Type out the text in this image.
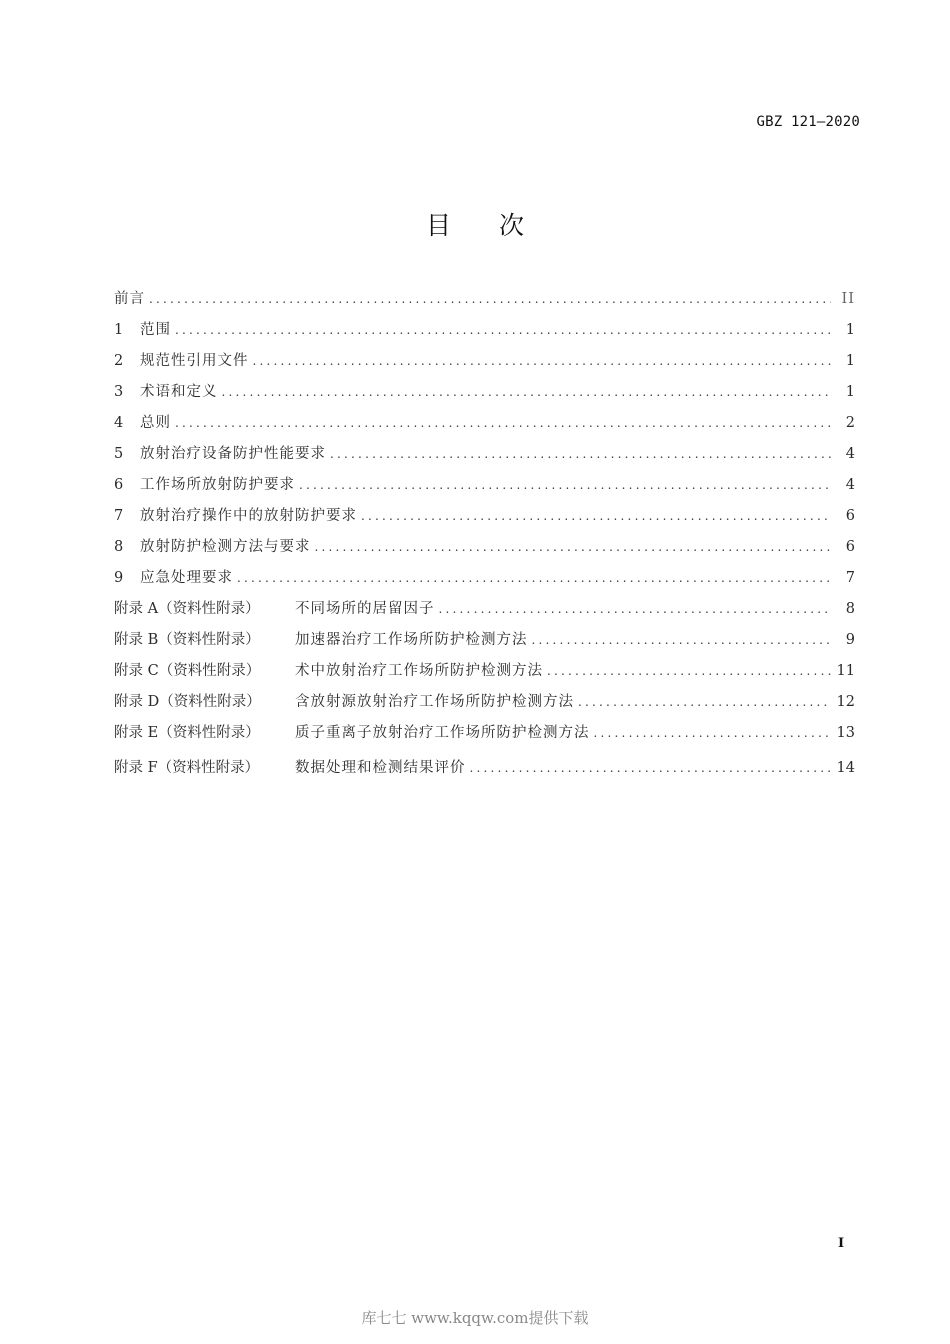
GBZ 121—2020
目 次
前言 .....	II
1	范围 .....	1
2	规范性引用文件 .....	1
3	术语和定义 .....	1
4	总则 .....	2
5	放射治疗设备防护性能要求 .....	4
6	工作场所放射防护要求 .....	4
7	放射治疗操作中的放射防护要求 .....	6
8	放射防护检测方法与要求 .....	6
9	应急处理要求 .....	7
附录 A（资料性附录）	不同场所的居留因子 .....	8
附录 B（资料性附录）	加速器治疗工作场所防护检测方法 .....	9
附录 C（资料性附录）	术中放射治疗工作场所防护检测方法 .....	11
附录 D（资料性附录）	含放射源放射治疗工作场所防护检测方法 .....	12
附录 E（资料性附录）	质子重离子放射治疗工作场所防护检测方法 .....	13
附录 F（资料性附录）	数据处理和检测结果评价 .....	14
I
库七七 www.kqqw.com提供下载
